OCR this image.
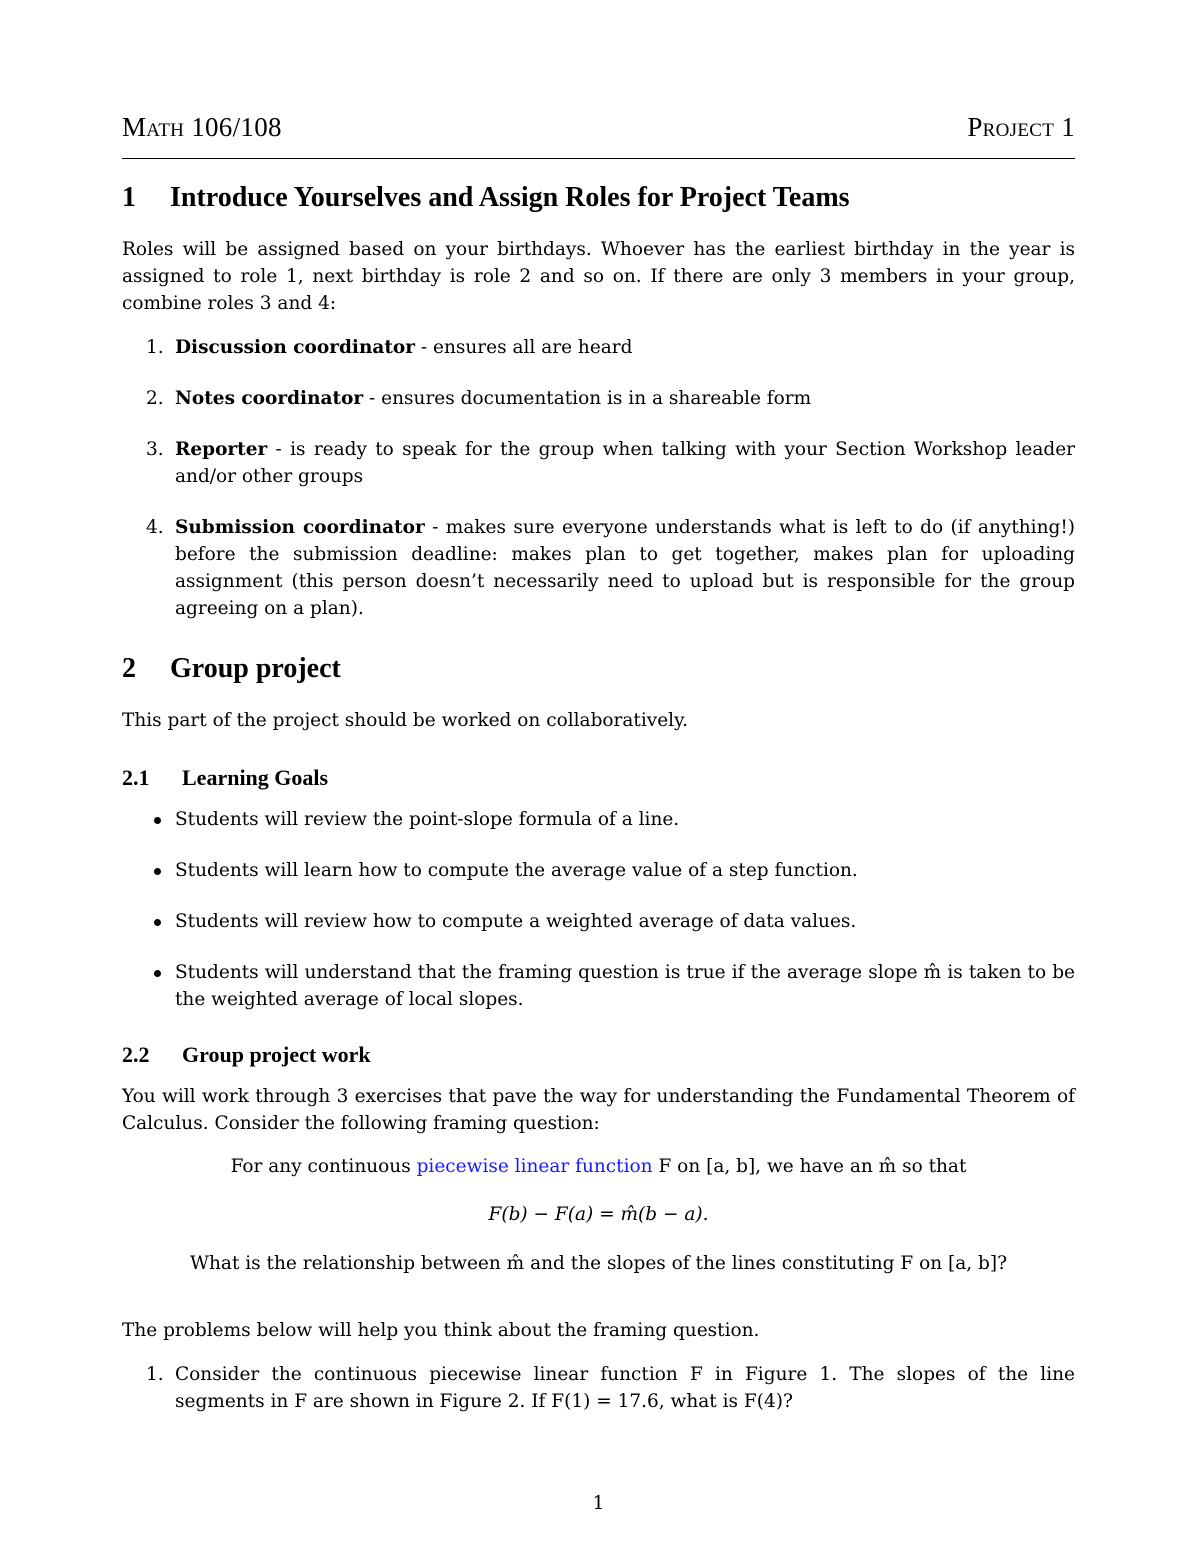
Math 106/108	Project 1
1 Introduce Yourselves and Assign Roles for Project Teams
Roles will be assigned based on your birthdays. Whoever has the earliest birthday in the year is assigned to role 1, next birthday is role 2 and so on. If there are only 3 members in your group, combine roles 3 and 4:
1. Discussion coordinator - ensures all are heard
2. Notes coordinator - ensures documentation is in a shareable form
3. Reporter - is ready to speak for the group when talking with your Section Workshop leader and/or other groups
4. Submission coordinator - makes sure everyone understands what is left to do (if anything!) before the submission deadline: makes plan to get together, makes plan for uploading assignment (this person doesn’t necessarily need to upload but is responsible for the group agreeing on a plan).
2 Group project
This part of the project should be worked on collaboratively.
2.1 Learning Goals
Students will review the point-slope formula of a line.
Students will learn how to compute the average value of a step function.
Students will review how to compute a weighted average of data values.
Students will understand that the framing question is true if the average slope m̂ is taken to be the weighted average of local slopes.
2.2 Group project work
You will work through 3 exercises that pave the way for understanding the Fundamental Theorem of Calculus. Consider the following framing question:
For any continuous piecewise linear function F on [a, b], we have an m̂ so that
F(b) − F(a) = m̂(b − a).
What is the relationship between m̂ and the slopes of the lines constituting F on [a, b]?
The problems below will help you think about the framing question.
1. Consider the continuous piecewise linear function F in Figure 1. The slopes of the line segments in F are shown in Figure 2. If F(1) = 17.6, what is F(4)?
1
